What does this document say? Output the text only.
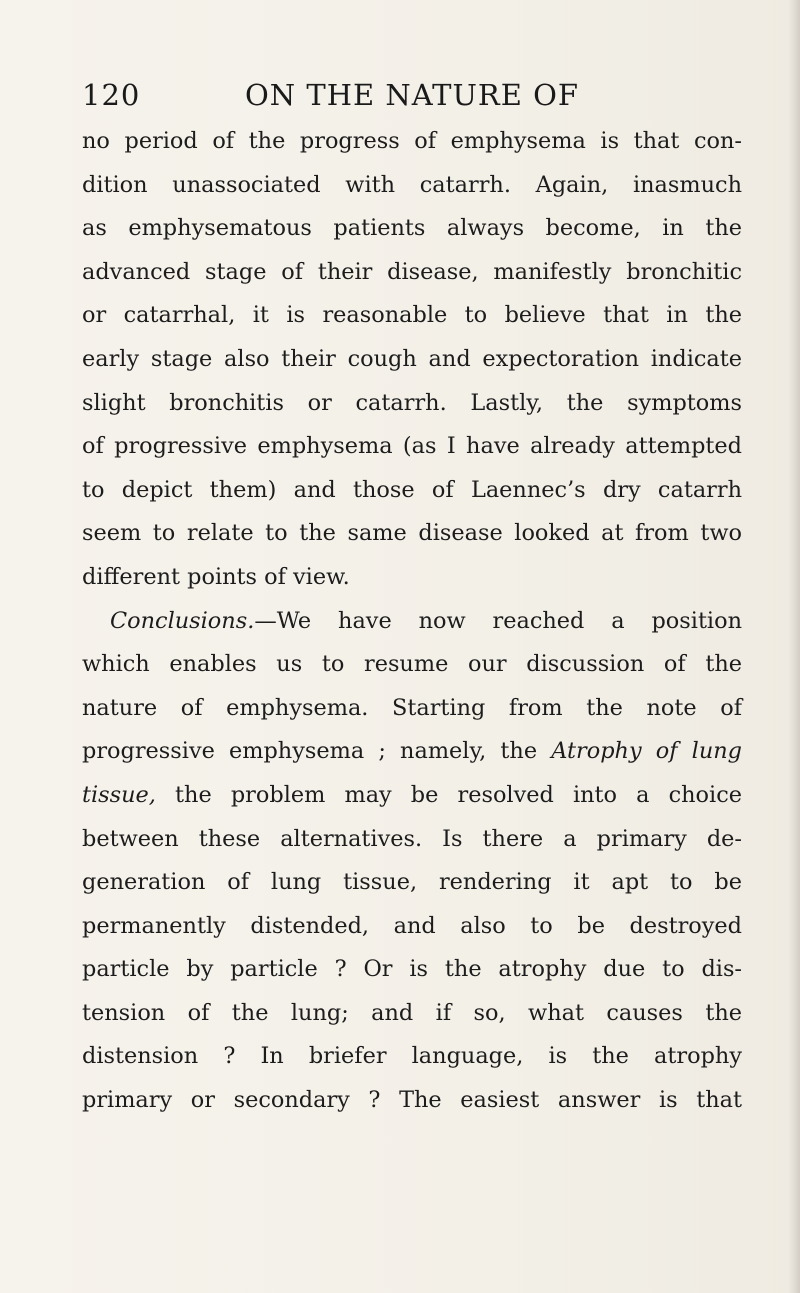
120	ON THE NATURE OF
no period of the progress of emphysema is that con-
dition unassociated with catarrh. Again, inasmuch
as emphysematous patients always become, in the
advanced stage of their disease, manifestly bronchitic
or catarrhal, it is reasonable to believe that in the
early stage also their cough and expectoration indicate
slight bronchitis or catarrh. Lastly, the symptoms
of progressive emphysema (as I have already attempted
to depict them) and those of Laennec’s dry catarrh
seem to relate to the same disease looked at from two
different points of view.
Conclusions.—We have now reached a position
which enables us to resume our discussion of the
nature of emphysema. Starting from the note of
progressive emphysema ; namely, the Atrophy of lung
tissue, the problem may be resolved into a choice
between these alternatives. Is there a primary de-
generation of lung tissue, rendering it apt to be
permanently distended, and also to be destroyed
particle by particle ? Or is the atrophy due to dis-
tension of the lung; and if so, what causes the
distension ? In briefer language, is the atrophy
primary or secondary ? The easiest answer is that
